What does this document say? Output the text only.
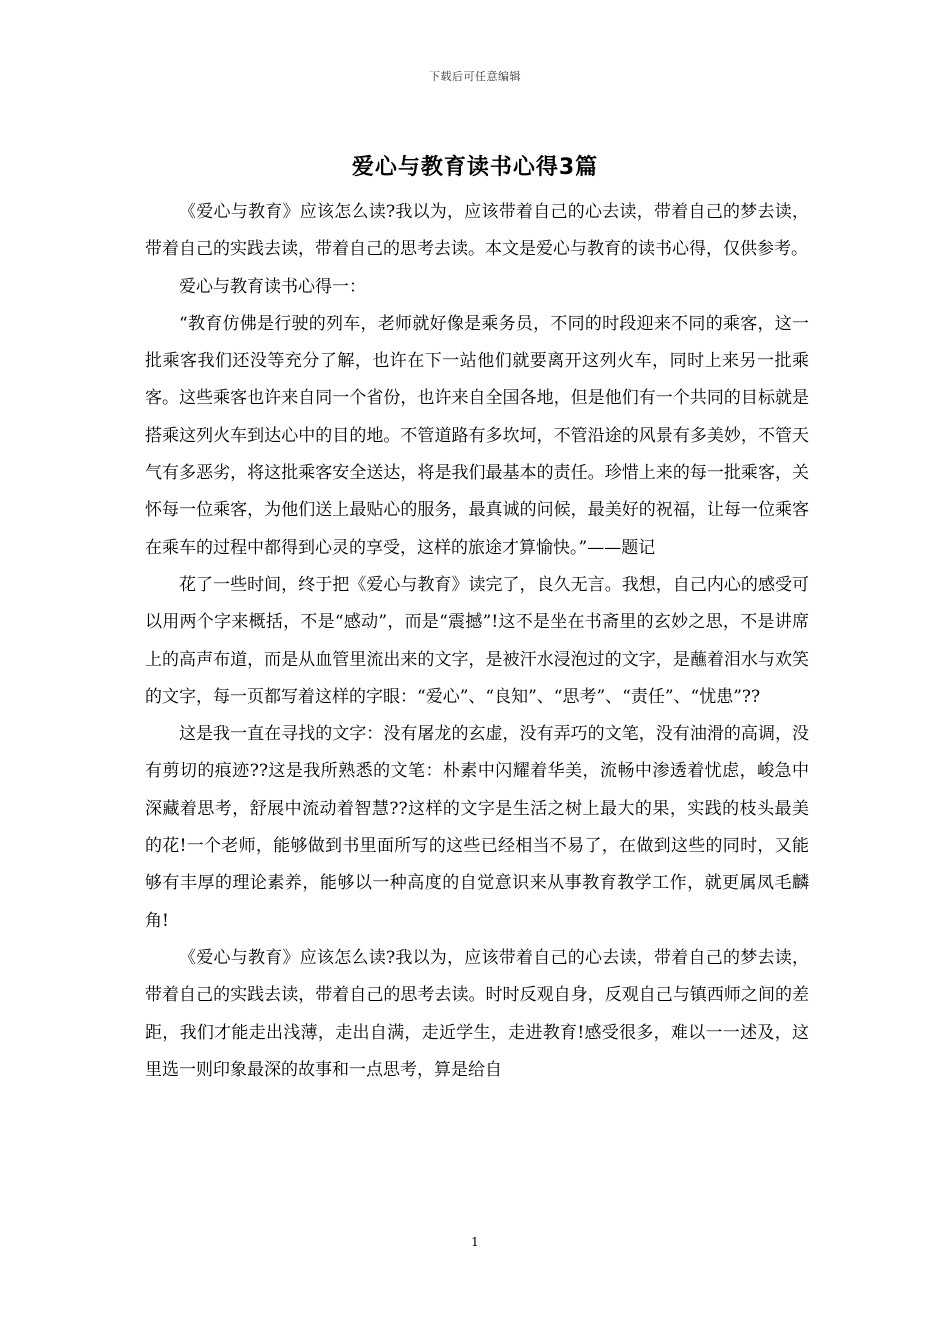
下载后可任意编辑
爱心与教育读书心得3篇

《爱心与教育》应该怎么读?我以为，应该带着自己的心去读，带着自己的梦去读，带着自己的实践去读，带着自己的思考去读。本文是爱心与教育的读书心得，仅供参考。

爱心与教育读书心得一：

“教育仿佛是行驶的列车，老师就好像是乘务员，不同的时段迎来不同的乘客，这一批乘客我们还没等充分了解，也许在下一站他们就要离开这列火车，同时上来另一批乘客。这些乘客也许来自同一个省份，也许来自全国各地，但是他们有一个共同的目标就是搭乘这列火车到达心中的目的地。不管道路有多坎坷，不管沿途的风景有多美妙，不管天气有多恶劣，将这批乘客安全送达，将是我们最基本的责任。珍惜上来的每一批乘客，关怀每一位乘客，为他们送上最贴心的服务，最真诚的问候，最美好的祝福，让每一位乘客在乘车的过程中都得到心灵的享受，这样的旅途才算愉快。”——题记

花了一些时间，终于把《爱心与教育》读完了，良久无言。我想，自己内心的感受可以用两个字来概括，不是“感动”，而是“震撼”!这不是坐在书斋里的玄妙之思，不是讲席上的高声布道，而是从血管里流出来的文字，是被汗水浸泡过的文字，是蘸着泪水与欢笑的文字，每一页都写着这样的字眼：“爱心”、“良知”、“思考”、“责任”、“忧患”??

这是我一直在寻找的文字：没有屠龙的玄虚，没有弄巧的文笔，没有油滑的高调，没有剪切的痕迹??这是我所熟悉的文笔：朴素中闪耀着华美，流畅中渗透着忧虑，峻急中深藏着思考，舒展中流动着智慧??这样的文字是生活之树上最大的果，实践的枝头最美的花!一个老师，能够做到书里面所写的这些已经相当不易了，在做到这些的同时，又能够有丰厚的理论素养，能够以一种高度的自觉意识来从事教育教学工作，就更属凤毛麟角!

《爱心与教育》应该怎么读?我以为，应该带着自己的心去读，带着自己的梦去读，带着自己的实践去读，带着自己的思考去读。时时反观自身，反观自己与镇西师之间的差距，我们才能走出浅薄，走出自满，走近学生，走进教育!感受很多，难以一一述及，这里选一则印象最深的故事和一点思考，算是给自

1
